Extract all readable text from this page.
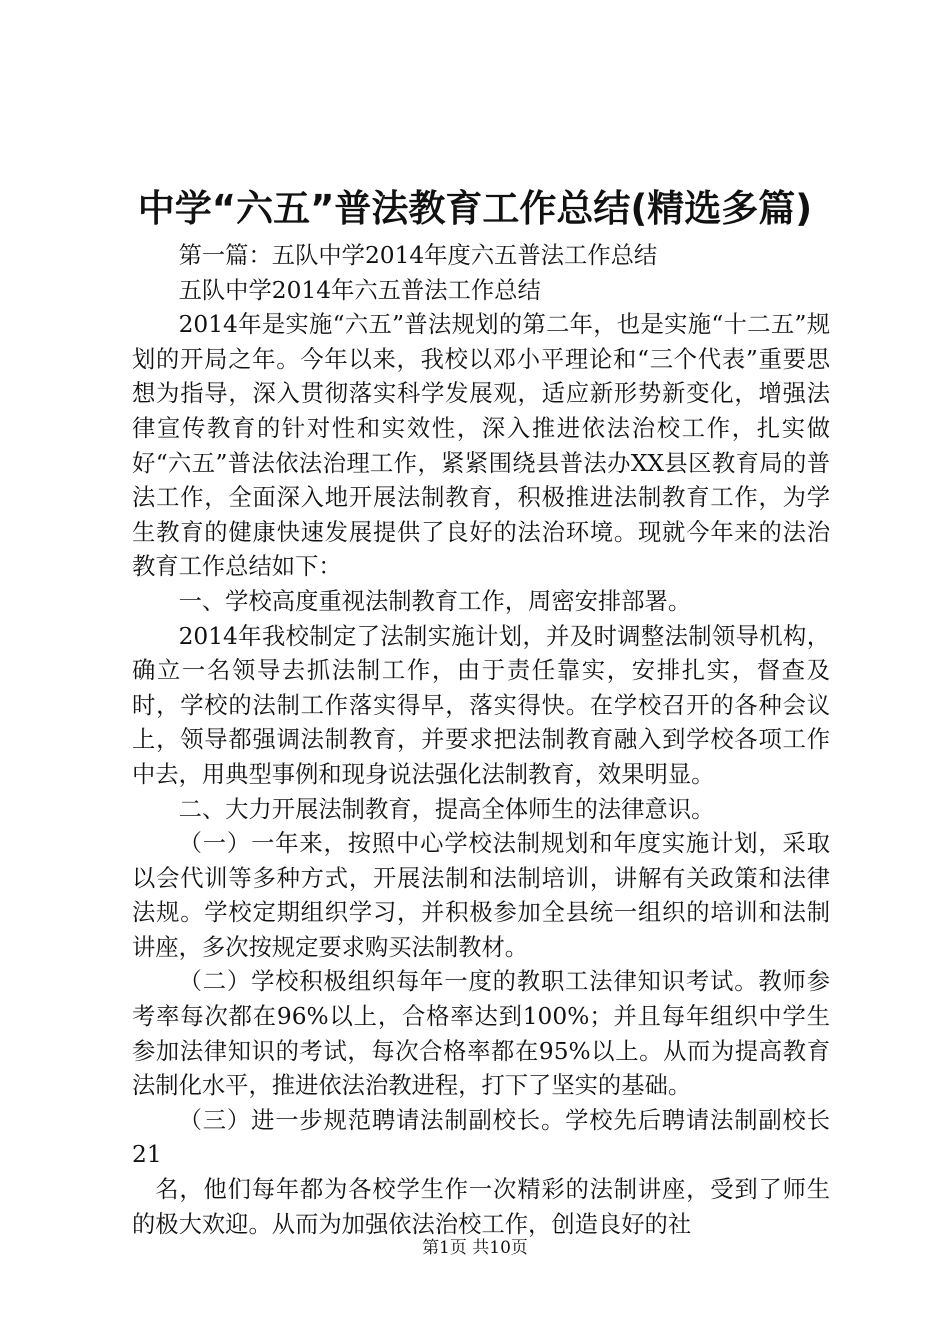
中学“六五”普法教育工作总结(精选多篇)

第一篇：五队中学2014年度六五普法工作总结

五队中学2014年六五普法工作总结

2014年是实施“六五”普法规划的第二年，也是实施“十二五”规划的开局之年。今年以来，我校以邓小平理论和“三个代表”重要思想为指导，深入贯彻落实科学发展观，适应新形势新变化，增强法律宣传教育的针对性和实效性，深入推进依法治校工作，扎实做好“六五”普法依法治理工作，紧紧围绕县普法办XX县区教育局的普法工作，全面深入地开展法制教育，积极推进法制教育工作，为学生教育的健康快速发展提供了良好的法治环境。现就今年来的法治教育工作总结如下：

一、学校高度重视法制教育工作，周密安排部署。

2014年我校制定了法制实施计划，并及时调整法制领导机构，确立一名领导去抓法制工作，由于责任靠实，安排扎实，督查及时，学校的法制工作落实得早，落实得快。在学校召开的各种会议上，领导都强调法制教育，并要求把法制教育融入到学校各项工作中去，用典型事例和现身说法强化法制教育，效果明显。

二、大力开展法制教育，提高全体师生的法律意识。

（一）一年来，按照中心学校法制规划和年度实施计划，采取以会代训等多种方式，开展法制和法制培训，讲解有关政策和法律法规。学校定期组织学习，并积极参加全县统一组织的培训和法制讲座，多次按规定要求购买法制教材。

（二）学校积极组织每年一度的教职工法律知识考试。教师参考率每次都在96%以上，合格率达到100%；并且每年组织中学生参加法律知识的考试，每次合格率都在95%以上。从而为提高教育法制化水平，推进依法治教进程，打下了坚实的基础。

（三）进一步规范聘请法制副校长。学校先后聘请法制副校长21

名，他们每年都为各校学生作一次精彩的法制讲座，受到了师生的极大欢迎。从而为加强依法治校工作，创造良好的社

第1页 共10页
